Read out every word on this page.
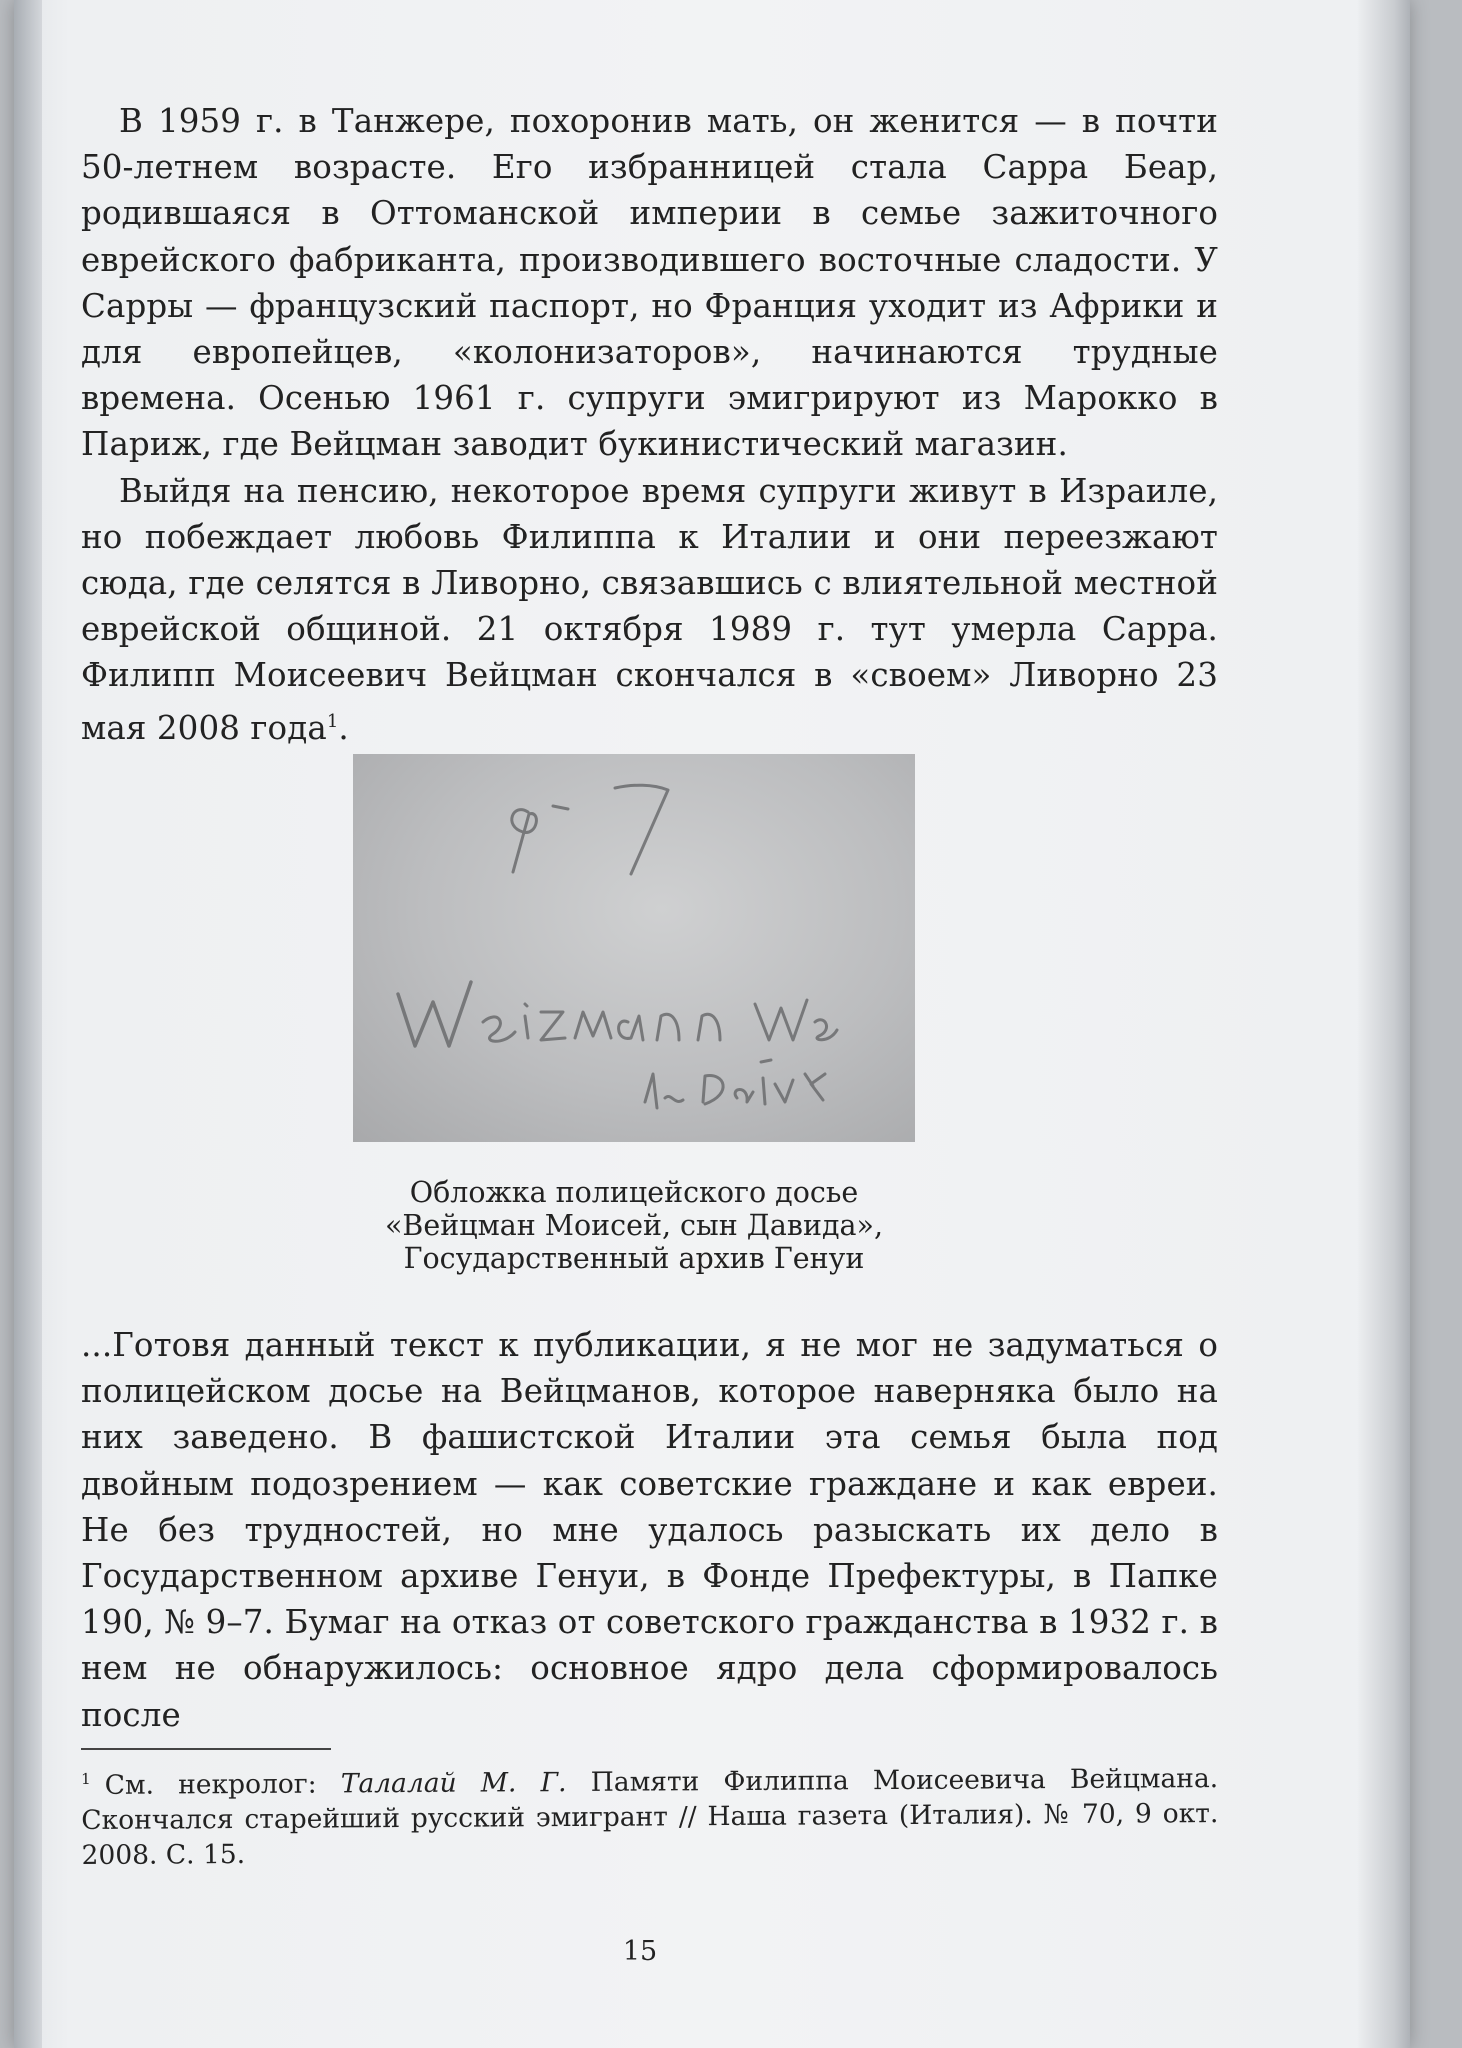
В 1959 г. в Танжере, похоронив мать, он женится — в почти 50-летнем возрасте. Его избранницей стала Сарра Беар, родившаяся в Оттоманской империи в семье зажиточного еврейского фабриканта, производившего восточные сладости. У Сарры — французский паспорт, но Франция уходит из Африки и для европейцев, «колонизаторов», начинаются трудные времена. Осенью 1961 г. супруги эмигрируют из Марокко в Париж, где Вейцман заводит букинистический магазин.

Выйдя на пенсию, некоторое время супруги живут в Израиле, но побеждает любовь Филиппа к Италии и они переезжают сюда, где селятся в Ливорно, связавшись с влиятельной местной еврейской общиной. 21 октября 1989 г. тут умерла Сарра. Филипп Моисеевич Вейцман скончался в «своем» Ливорно 23 мая 2008 года$^1$.

Обложка полицейского досье
«Вейцман Моисей, сын Давида»,
Государственный архив Генуи

...Готовя данный текст к публикации, я не мог не задуматься о полицейском досье на Вейцманов, которое наверняка было на них заведено. В фашистской Италии эта семья была под двойным подозрением — как советские граждане и как евреи. Не без трудностей, но мне удалось разыскать их дело в Государственном архиве Генуи, в Фонде Префектуры, в Папке 190, № 9–7. Бумаг на отказ от советского гражданства в 1932 г. в нем не обнаружилось: основное ядро дела сформировалось после

$^1$ См. некролог: Талалай М. Г. Памяти Филиппа Моисеевича Вейцмана. Скончался старейший русский эмигрант // Наша газета (Италия). № 70, 9 окт. 2008. С. 15.
15
